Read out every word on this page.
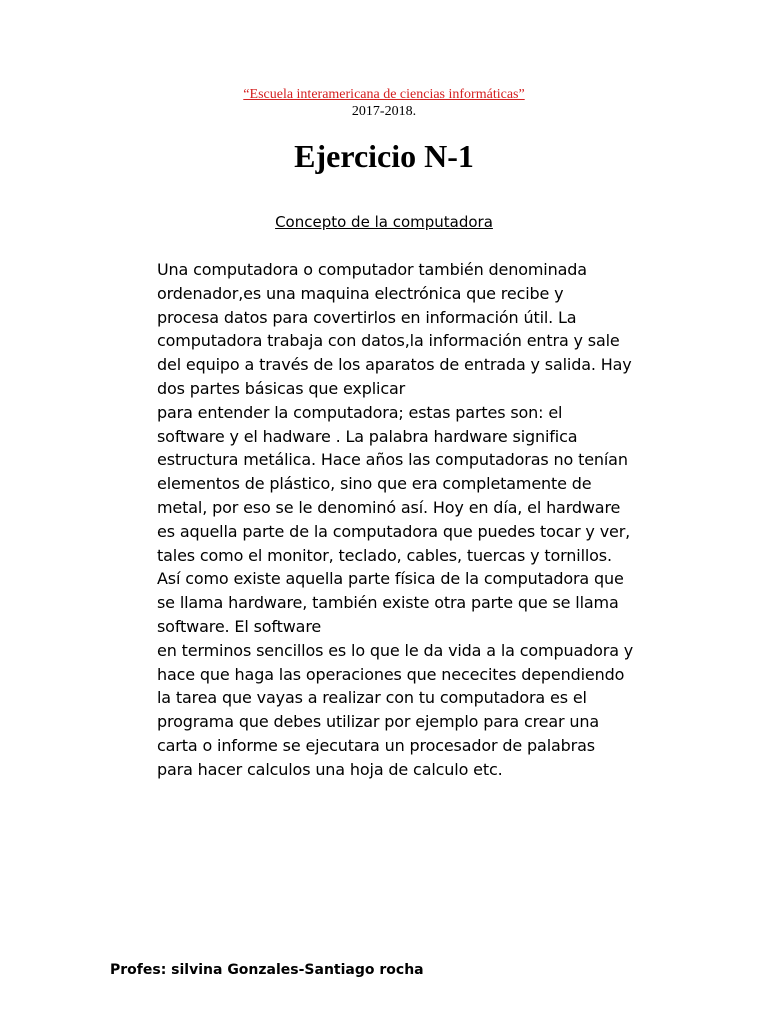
“Escuela interamericana de ciencias informáticas”
2017-2018.
Ejercicio N-1
Concepto de la computadora
Una computadora o computador también denominada
ordenador,es una maquina electrónica que recibe y
procesa datos para covertirlos en información útil. La
computadora trabaja con datos,la información entra y sale
del equipo a través de los aparatos de entrada y salida. Hay
dos partes básicas que explicar
para entender la computadora; estas partes son: el
software y el hadware . La palabra hardware significa
estructura metálica. Hace años las computadoras no tenían
elementos de plástico, sino que era completamente de
metal, por eso se le denominó así. Hoy en día, el hardware
es aquella parte de la computadora que puedes tocar y ver,
tales como el monitor, teclado, cables, tuercas y tornillos.
Así como existe aquella parte física de la computadora que
se llama hardware, también existe otra parte que se llama
software. El software
en terminos sencillos es lo que le da vida a la compuadora y
hace que haga las operaciones que nececites dependiendo
la tarea que vayas a realizar con tu computadora es el
programa que debes utilizar por ejemplo para crear una
carta o informe se ejecutara un procesador de palabras
para hacer calculos una hoja de calculo etc.
Profes: silvina Gonzales-Santiago rocha
